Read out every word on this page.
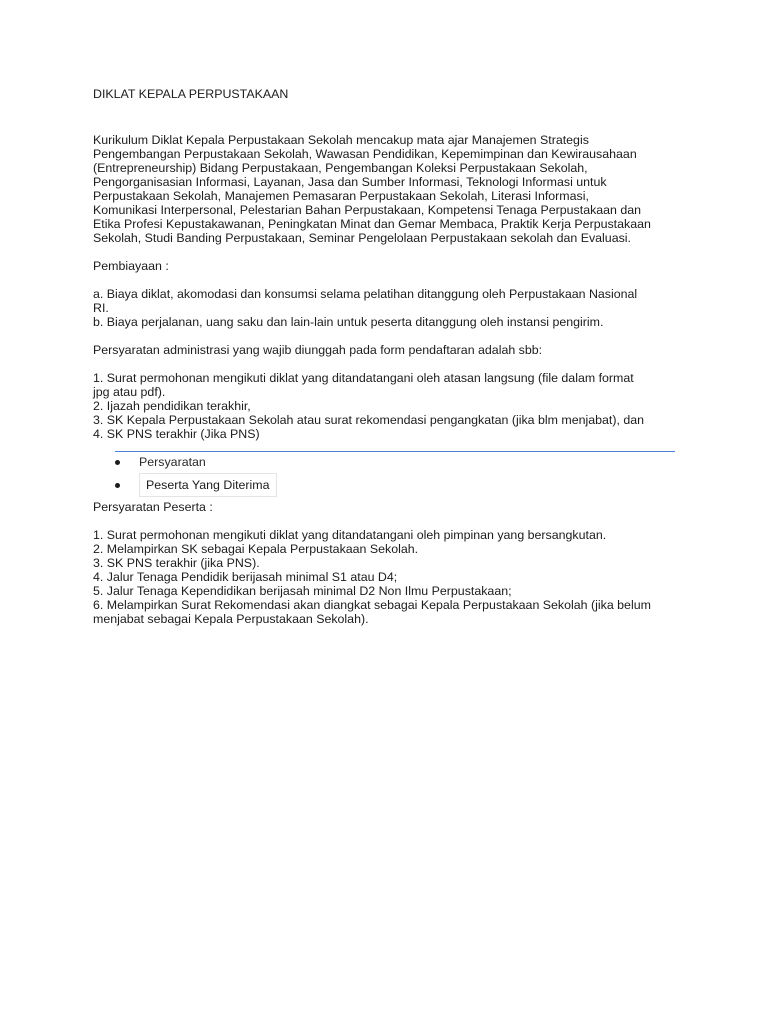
DIKLAT KEPALA PERPUSTAKAAN
Kurikulum Diklat Kepala Perpustakaan Sekolah mencakup mata ajar Manajemen Strategis
Pengembangan Perpustakaan Sekolah, Wawasan Pendidikan, Kepemimpinan dan Kewirausahaan
(Entrepreneurship) Bidang Perpustakaan, Pengembangan Koleksi Perpustakaan Sekolah,
Pengorganisasian Informasi, Layanan, Jasa dan Sumber Informasi, Teknologi Informasi untuk
Perpustakaan Sekolah, Manajemen Pemasaran Perpustakaan Sekolah, Literasi Informasi,
Komunikasi Interpersonal, Pelestarian Bahan Perpustakaan, Kompetensi Tenaga Perpustakaan dan
Etika Profesi Kepustakawanan, Peningkatan Minat dan Gemar Membaca, Praktik Kerja Perpustakaan
Sekolah, Studi Banding Perpustakaan, Seminar Pengelolaan Perpustakaan sekolah dan Evaluasi.

Pembiayaan :

a. Biaya diklat, akomodasi dan konsumsi selama pelatihan ditanggung oleh Perpustakaan Nasional
RI.
b. Biaya perjalanan, uang saku dan lain-lain untuk peserta ditanggung oleh instansi pengirim.

Persyaratan administrasi yang wajib diunggah pada form pendaftaran adalah sbb:

1. Surat permohonan mengikuti diklat yang ditandatangani oleh atasan langsung (file dalam format
jpg atau pdf).
2. Ijazah pendidikan terakhir,
3. SK Kepala Perpustakaan Sekolah atau surat rekomendasi pengangkatan (jika blm menjabat), dan
4. SK PNS terakhir (Jika PNS)
Persyaratan
Peserta Yang Diterima

Persyaratan Peserta :

1. Surat permohonan mengikuti diklat yang ditandatangani oleh pimpinan yang bersangkutan.
2. Melampirkan SK sebagai Kepala Perpustakaan Sekolah.
3. SK PNS terakhir (jika PNS).
4. Jalur Tenaga Pendidik berijasah minimal S1 atau D4;
5. Jalur Tenaga Kependidikan berijasah minimal D2 Non Ilmu Perpustakaan;
6. Melampirkan Surat Rekomendasi akan diangkat sebagai Kepala Perpustakaan Sekolah (jika belum
menjabat sebagai Kepala Perpustakaan Sekolah).
